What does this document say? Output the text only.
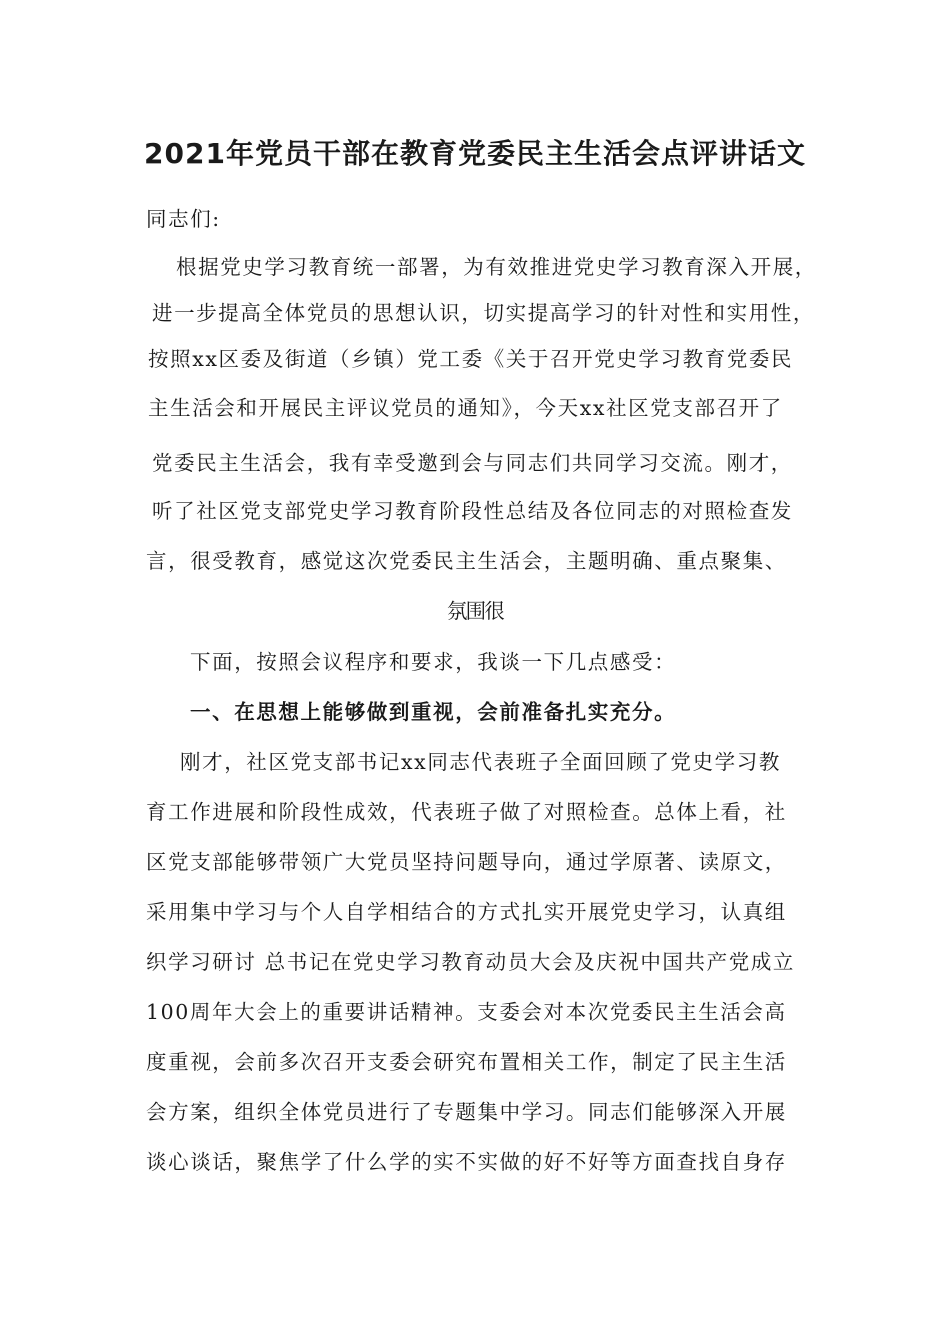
2021年党员干部在教育党委民主生活会点评讲话文
同志们:
根据党史学习教育统一部署，为有效推进党史学习教育深入开展，
进一步提高全体党员的思想认识，切实提高学习的针对性和实用性，
按照xx区委及街道（乡镇）党工委《关于召开党史学习教育党委民
主生活会和开展民主评议党员的通知》，今天xx社区党支部召开了
党委民主生活会，我有幸受邀到会与同志们共同学习交流。刚才，
听了社区党支部党史学习教育阶段性总结及各位同志的对照检查发
言，很受教育，感觉这次党委民主生活会，主题明确、重点聚集、
氛围很
下面，按照会议程序和要求，我谈一下几点感受：
一、在思想上能够做到重视，会前准备扎实充分。
刚才，社区党支部书记xx同志代表班子全面回顾了党史学习教
育工作进展和阶段性成效，代表班子做了对照检查。总体上看，社
区党支部能够带领广大党员坚持问题导向，通过学原著、读原文，
采用集中学习与个人自学相结合的方式扎实开展党史学习，认真组
织学习研讨 总书记在党史学习教育动员大会及庆祝中国共产党成立
100周年大会上的重要讲话精神。支委会对本次党委民主生活会高
度重视，会前多次召开支委会研究布置相关工作，制定了民主生活
会方案，组织全体党员进行了专题集中学习。同志们能够深入开展
谈心谈话，聚焦学了什么学的实不实做的好不好等方面查找自身存
